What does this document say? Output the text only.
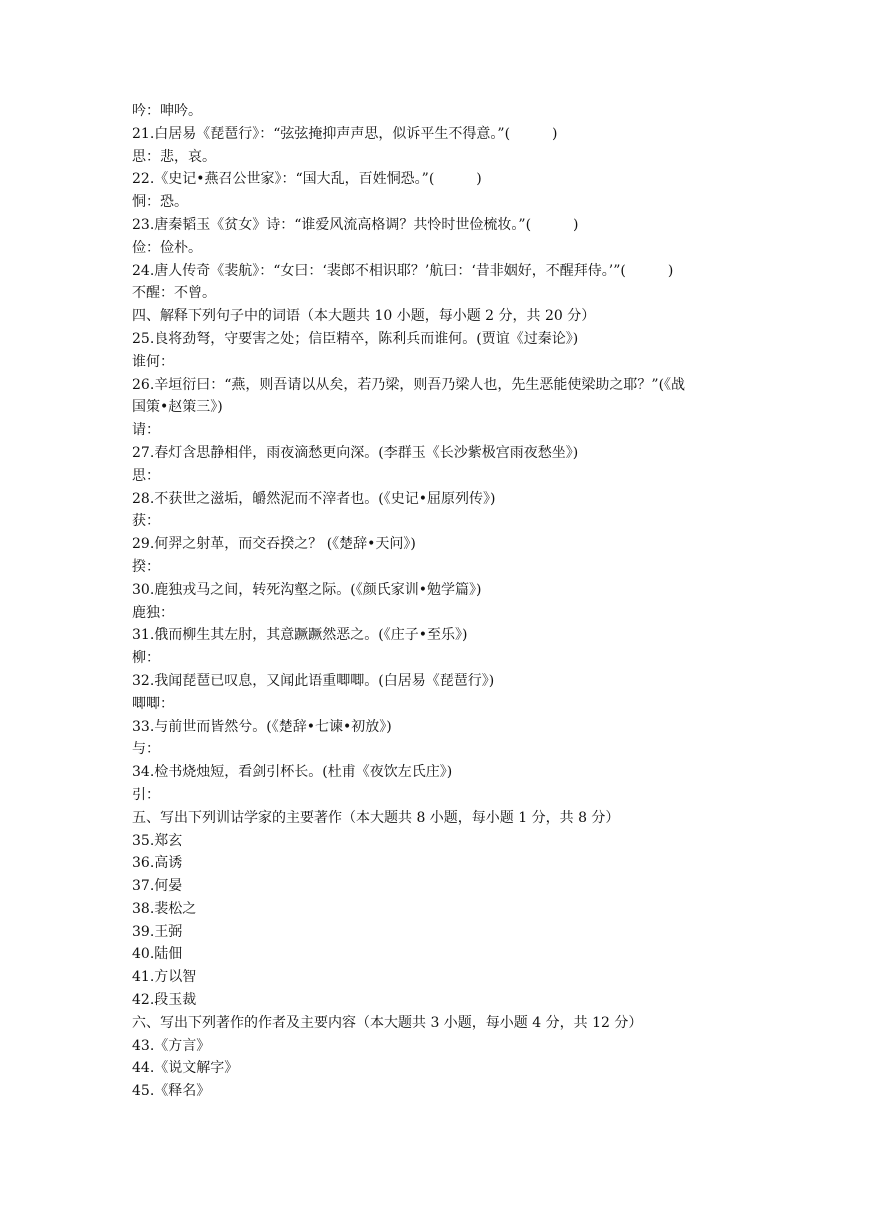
吟：呻吟。
21.白居易《琵琶行》：“弦弦掩抑声声思，似诉平生不得意。”(　　　)
思：悲，哀。
22.《史记•燕召公世家》：“国大乱，百姓恫恐。”(　　　)
恫：恐。
23.唐秦韬玉《贫女》诗：“谁爱风流高格调？共怜时世俭梳妆。”(　　　)
俭：俭朴。
24.唐人传奇《裴航》：“女曰：‘裴郎不相识耶？’航曰：‘昔非姻好，不醒拜侍。’”(　　　)
不醒：不曾。
四、解释下列句子中的词语（本大题共 10 小题，每小题 2 分，共 20 分）
25.良将劲弩，守要害之处；信臣精卒，陈利兵而谁何。(贾谊《过秦论》)
谁何：
26.辛垣衍曰：“燕，则吾请以从矣，若乃梁，则吾乃梁人也，先生恶能使梁助之耶？”(《战
国策•赵策三》)
请：
27.春灯含思静相伴，雨夜滴愁更向深。(李群玉《长沙紫极宫雨夜愁坐》)
思：
28.不获世之滋垢，皭然泥而不滓者也。(《史记•屈原列传》)
获：
29.何羿之射革，而交吞揆之？ (《楚辞•天问》)
揆：
30.鹿独戎马之间，转死沟壑之际。(《颜氏家训•勉学篇》)
鹿独：
31.俄而柳生其左肘，其意蹶蹶然恶之。(《庄子•至乐》)
柳：
32.我闻琵琶已叹息，又闻此语重唧唧。(白居易《琵琶行》)
唧唧：
33.与前世而皆然兮。(《楚辞•七谏•初放》)
与：
34.检书烧烛短，看剑引杯长。(杜甫《夜饮左氏庄》)
引：
五、写出下列训诂学家的主要著作（本大题共 8 小题，每小题 1 分，共 8 分）
35.郑玄
36.高诱
37.何晏
38.裴松之
39.王弼
40.陆佃
41.方以智
42.段玉裁
六、写出下列著作的作者及主要内容（本大题共 3 小题，每小题 4 分，共 12 分）
43.《方言》
44.《说文解字》
45.《释名》
